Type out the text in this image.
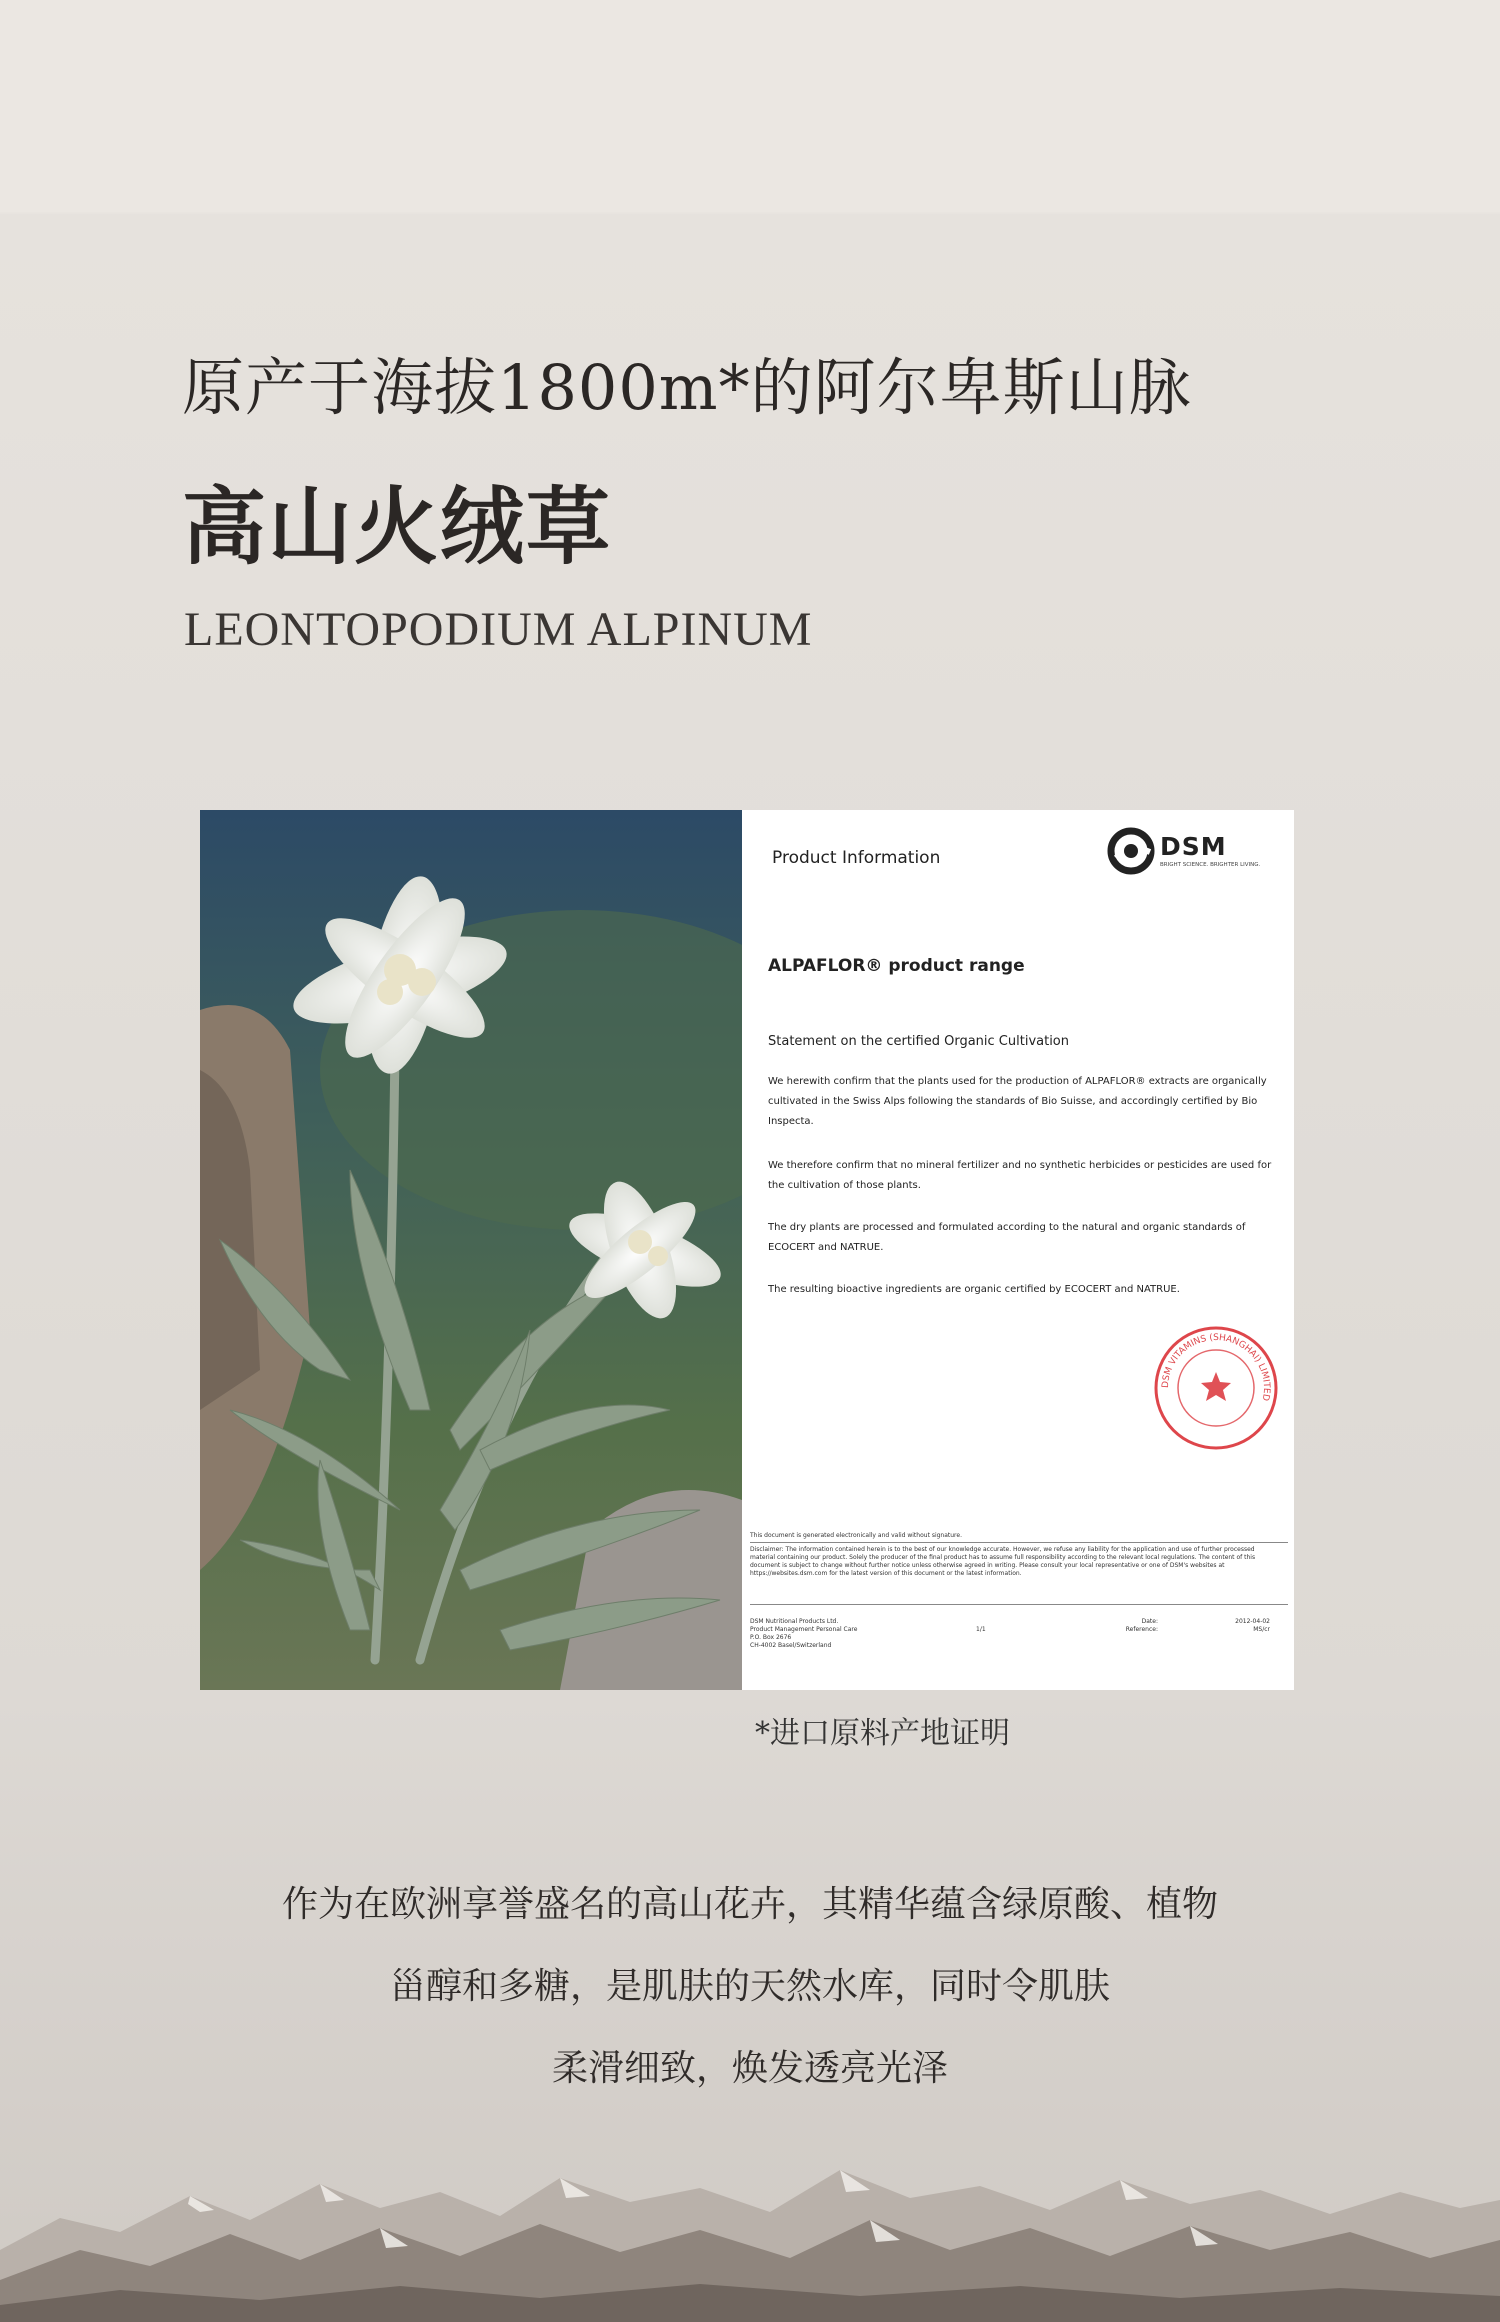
原产于海拔1800m*的阿尔卑斯山脉
高山火绒草
LEONTOPODIUM ALPINUM
Product Information	DSM
BRIGHT SCIENCE. BRIGHTER LIVING.
ALPAFLOR® product range
Statement on the certified Organic Cultivation
We herewith confirm that the plants used for the production of ALPAFLOR® extracts are organically cultivated in the Swiss Alps following the standards of Bio Suisse, and accordingly certified by Bio Inspecta.
We therefore confirm that no mineral fertilizer and no synthetic herbicides or pesticides are used for the cultivation of those plants.
The dry plants are processed and formulated according to the natural and organic standards of ECOCERT and NATRUE.
The resulting bioactive ingredients are organic certified by ECOCERT and NATRUE.
DSM VITAMINS (SHANGHAI) LIMITED
This document is generated electronically and valid without signature.
Disclaimer: The information contained herein is to the best of our knowledge accurate. However, we refuse any liability for the application and use of further processed material containing our product. Solely the producer of the final product has to assume full responsibility according to the relevant local regulations. The content of this document is subject to change without further notice unless otherwise agreed in writing. Please consult your local representative or one of DSM's websites at https://websites.dsm.com for the latest version of this document or the latest information.
DSM Nutritional Products Ltd.
Product Management Personal Care
P.O. Box 2676
CH-4002 Basel/Switzerland
1/1
Date:
Reference:
2012-04-02
MS/cr
*进口原料产地证明
作为在欧洲享誉盛名的高山花卉，其精华蕴含绿原酸、植物
甾醇和多糖，是肌肤的天然水库，同时令肌肤
柔滑细致，焕发透亮光泽
